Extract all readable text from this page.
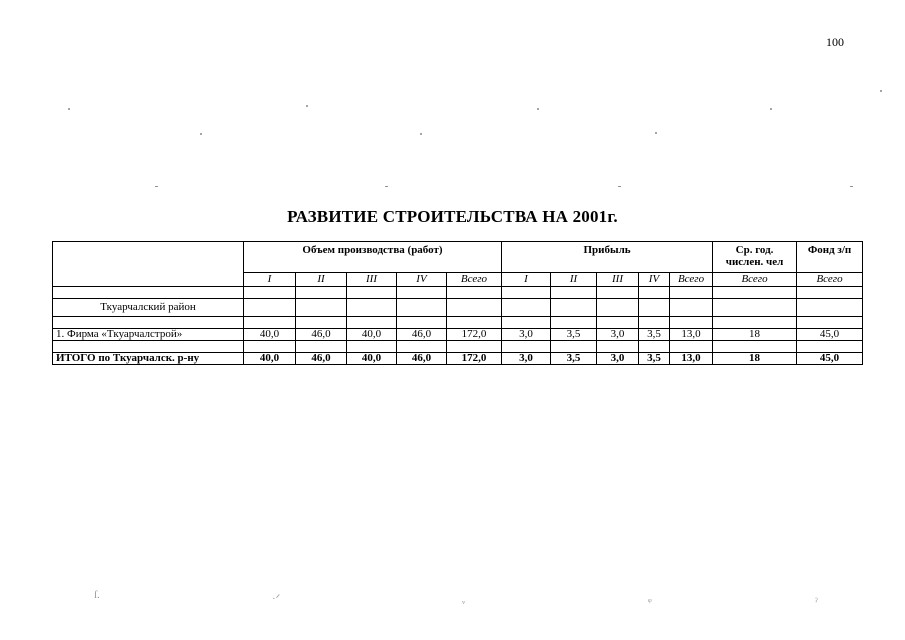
100
РАЗВИТИЕ СТРОИТЕЛЬСТВА НА 2001г.
	Объем производства (работ)					Прибыль					Ср. год. числен. чел	Фонд з/п
	I	II	III	IV	Всего	I	II	III	IV	Всего	Всего	Всего

Ткуарчалский район												

1. Фирма «Ткуарчалстрой»	40,0	46,0	40,0	46,0	172,0	3,0	3,5	3,0	3,5	13,0	18	45,0

ИТОГО по Ткуарчалск. р-ну	40,0	46,0	40,0	46,0	172,0	3,0	3,5	3,0	3,5	13,0	18	45,0
ſ.	·ᐟ	ᵛ	ᵠ	ˀ
